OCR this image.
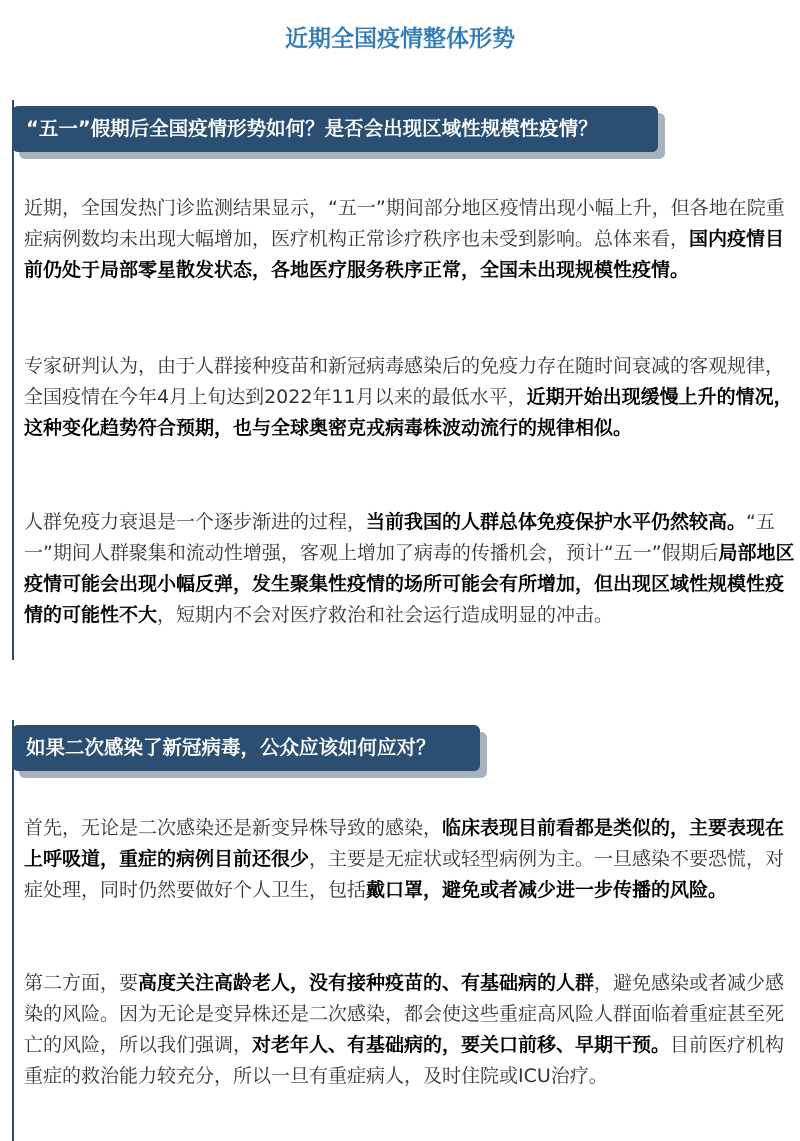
近期全国疫情整体形势
“五一”假期后全国疫情形势如何？是否会出现区域性规模性疫情？
近期，全国发热门诊监测结果显示，“五一”期间部分地区疫情出现小幅上升，但各地在院重症病例数均未出现大幅增加，医疗机构正常诊疗秩序也未受到影响。总体来看，国内疫情目前仍处于局部零星散发状态，各地医疗服务秩序正常，全国未出现规模性疫情。
专家研判认为，由于人群接种疫苗和新冠病毒感染后的免疫力存在随时间衰减的客观规律，全国疫情在今年4月上旬达到2022年11月以来的最低水平，近期开始出现缓慢上升的情况，这种变化趋势符合预期，也与全球奥密克戎病毒株波动流行的规律相似。
人群免疫力衰退是一个逐步渐进的过程，当前我国的人群总体免疫保护水平仍然较高。“五一”期间人群聚集和流动性增强，客观上增加了病毒的传播机会，预计“五一”假期后局部地区疫情可能会出现小幅反弹，发生聚集性疫情的场所可能会有所增加，但出现区域性规模性疫情的可能性不大，短期内不会对医疗救治和社会运行造成明显的冲击。
如果二次感染了新冠病毒，公众应该如何应对？
首先，无论是二次感染还是新变异株导致的感染，临床表现目前看都是类似的，主要表现在上呼吸道，重症的病例目前还很少，主要是无症状或轻型病例为主。一旦感染不要恐慌，对症处理，同时仍然要做好个人卫生，包括戴口罩，避免或者减少进一步传播的风险。
第二方面，要高度关注高龄老人，没有接种疫苗的、有基础病的人群，避免感染或者减少感染的风险。因为无论是变异株还是二次感染，都会使这些重症高风险人群面临着重症甚至死亡的风险，所以我们强调，对老年人、有基础病的，要关口前移、早期干预。目前医疗机构重症的救治能力较充分，所以一旦有重症病人，及时住院或ICU治疗。
